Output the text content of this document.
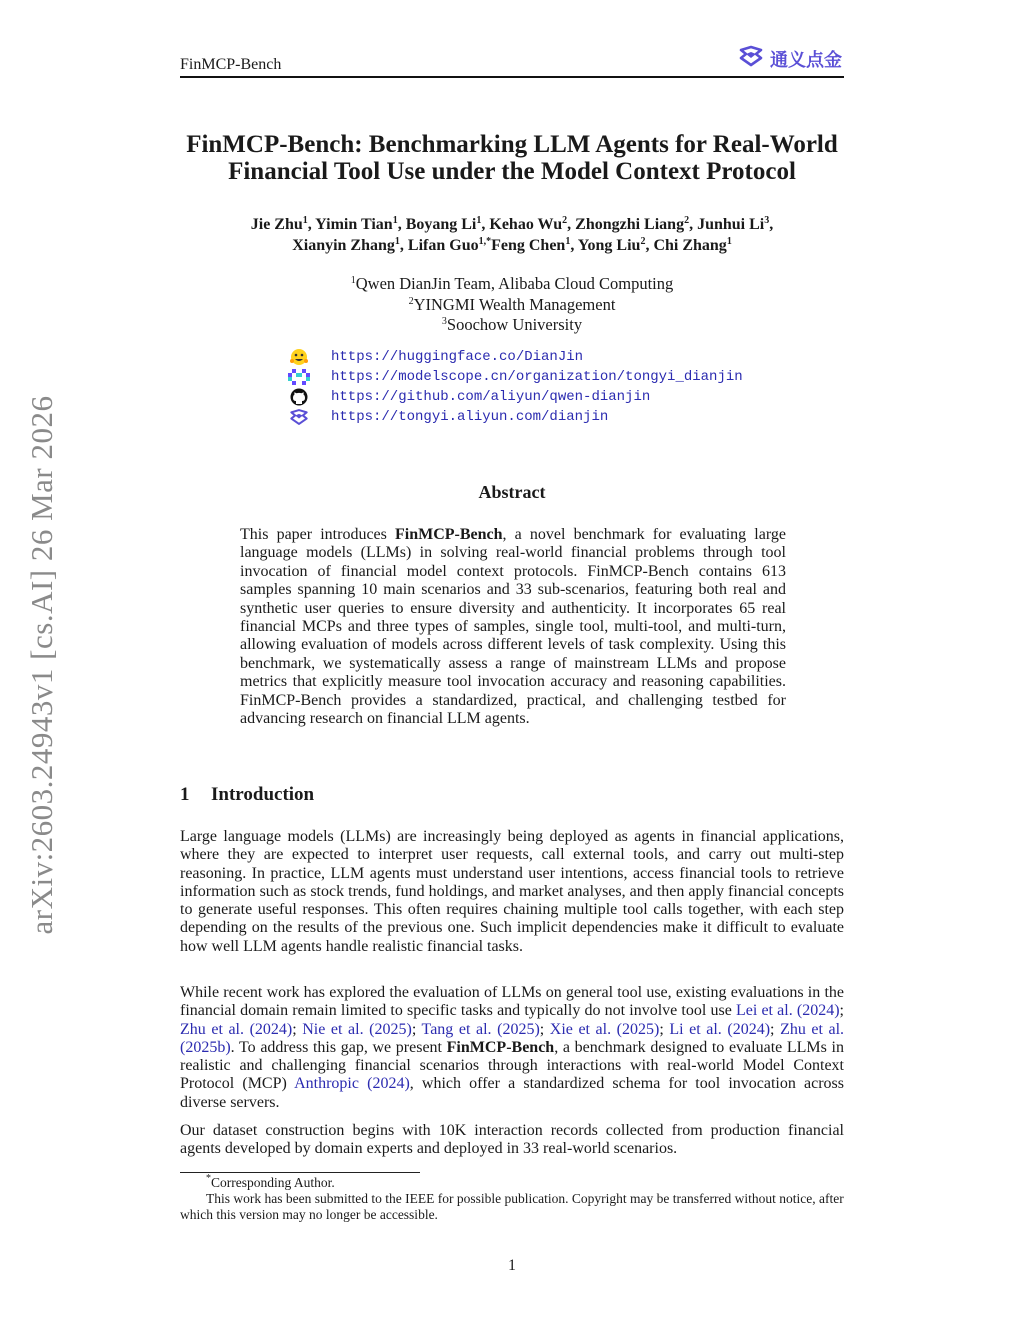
FinMCP-Bench	通义点金
arXiv:2603.24943v1 [cs.AI] 26 Mar 2026
FinMCP-Bench: Benchmarking LLM Agents for Real-World
Financial Tool Use under the Model Context Protocol
Jie Zhu$^1$, Yimin Tian$^1$, Boyang Li$^1$, Kehao Wu$^2$, Zhongzhi Liang$^2$, Junhui Li$^3$,
Xianyin Zhang$^1$, Lifan Guo$^{1,*}$Feng Chen$^1$, Yong Liu$^2$, Chi Zhang$^1$
$^1$Qwen DianJin Team, Alibaba Cloud Computing
$^2$YINGMI Wealth Management
$^3$Soochow University
https://huggingface.co/DianJin
https://modelscope.cn/organization/tongyi_dianjin
https://github.com/aliyun/qwen-dianjin
https://tongyi.aliyun.com/dianjin
Abstract
This paper introduces FinMCP-Bench, a novel benchmark for evaluating large language models (LLMs) in solving real-world financial problems through tool invocation of financial model context protocols. FinMCP-Bench contains 613 samples spanning 10 main scenarios and 33 sub-scenarios, featuring both real and synthetic user queries to ensure diversity and authenticity. It incorporates 65 real financial MCPs and three types of samples, single tool, multi-tool, and multi-turn, allowing evaluation of models across different levels of task complexity. Using this benchmark, we systematically assess a range of mainstream LLMs and propose metrics that explicitly measure tool invocation accuracy and reasoning capabilities. FinMCP-Bench provides a standardized, practical, and challenging testbed for advancing research on financial LLM agents.
1 Introduction
Large language models (LLMs) are increasingly being deployed as agents in financial applications, where they are expected to interpret user requests, call external tools, and carry out multi-step reasoning. In practice, LLM agents must understand user intentions, access financial tools to retrieve information such as stock trends, fund holdings, and market analyses, and then apply financial concepts to generate useful responses. This often requires chaining multiple tool calls together, with each step depending on the results of the previous one. Such implicit dependencies make it difficult to evaluate how well LLM agents handle realistic financial tasks.
While recent work has explored the evaluation of LLMs on general tool use, existing evaluations in the financial domain remain limited to specific tasks and typically do not involve tool use Lei et al. (2024); Zhu et al. (2024); Nie et al. (2025); Tang et al. (2025); Xie et al. (2025); Li et al. (2024); Zhu et al. (2025b). To address this gap, we present FinMCP-Bench, a benchmark designed to evaluate LLMs in realistic and challenging financial scenarios through interactions with real-world Model Context Protocol (MCP) Anthropic (2024), which offer a standardized schema for tool invocation across diverse servers.
Our dataset construction begins with 10K interaction records collected from production financial agents developed by domain experts and deployed in 33 real-world scenarios.
*Corresponding Author.
This work has been submitted to the IEEE for possible publication. Copyright may be transferred without notice, after which this version may no longer be accessible.
1
